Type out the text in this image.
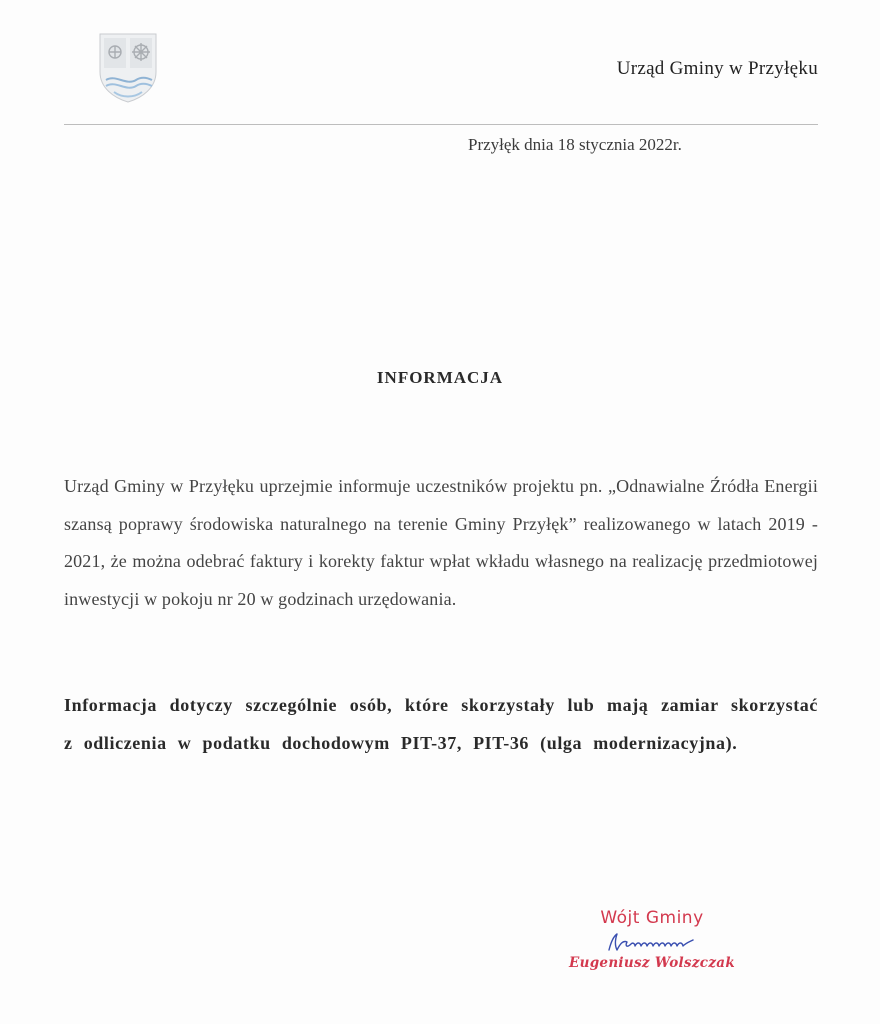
Urząd Gminy w Przyłęku
Przyłęk dnia 18 stycznia 2022r.
INFORMACJA

Urząd Gminy w Przyłęku uprzejmie informuje uczestników projektu pn. „Odnawialne Źródła Energii szansą poprawy środowiska naturalnego na terenie Gminy Przyłęk” realizowanego w latach 2019 - 2021, że można odebrać faktury i korekty faktur wpłat wkładu własnego na realizację przedmiotowej inwestycji w pokoju nr 20 w godzinach urzędowania.

Informacja dotyczy szczególnie osób, które skorzystały lub mają zamiar skorzystać z odliczenia w podatku dochodowym PIT-37, PIT-36 (ulga modernizacyjna).

Wójt Gminy
Eugeniusz Wolszczak
